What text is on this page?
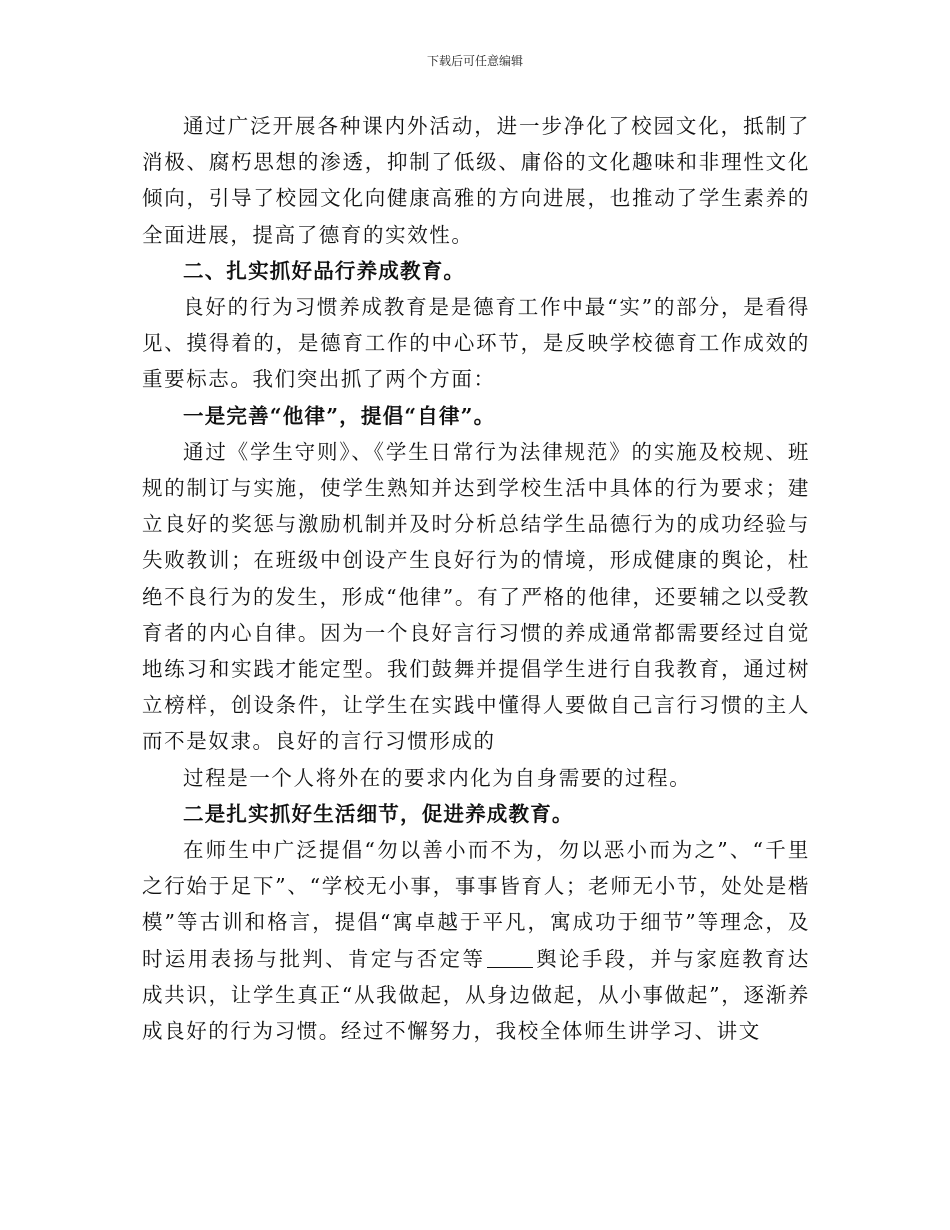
下载后可任意编辑

通过广泛开展各种课内外活动，进一步净化了校园文化，抵制了消极、腐朽思想的渗透，抑制了低级、庸俗的文化趣味和非理性文化倾向，引导了校园文化向健康高雅的方向进展，也推动了学生素养的全面进展，提高了德育的实效性。

二、扎实抓好品行养成教育。

良好的行为习惯养成教育是是德育工作中最“实”的部分，是看得见、摸得着的，是德育工作的中心环节，是反映学校德育工作成效的重要标志。我们突出抓了两个方面：

一是完善“他律”，提倡“自律”。

通过《学生守则》、《学生日常行为法律规范》的实施及校规、班规的制订与实施，使学生熟知并达到学校生活中具体的行为要求；建立良好的奖惩与激励机制并及时分析总结学生品德行为的成功经验与失败教训；在班级中创设产生良好行为的情境，形成健康的舆论，杜绝不良行为的发生，形成“他律”。有了严格的他律，还要辅之以受教育者的内心自律。因为一个良好言行习惯的养成通常都需要经过自觉地练习和实践才能定型。我们鼓舞并提倡学生进行自我教育，通过树立榜样，创设条件，让学生在实践中懂得人要做自己言行习惯的主人而不是奴隶。良好的言行习惯形成的

过程是一个人将外在的要求内化为自身需要的过程。

二是扎实抓好生活细节，促进养成教育。

在师生中广泛提倡“勿以善小而不为，勿以恶小而为之”、“千里之行始于足下”、“学校无小事，事事皆育人；老师无小节，处处是楷模”等古训和格言，提倡“寓卓越于平凡，寓成功于细节”等理念，及时运用表扬与批判、肯定与否定等 舆论手段，并与家庭教育达成共识，让学生真正“从我做起，从身边做起，从小事做起”，逐渐养成良好的行为习惯。经过不懈努力，我校全体师生讲学习、讲文
